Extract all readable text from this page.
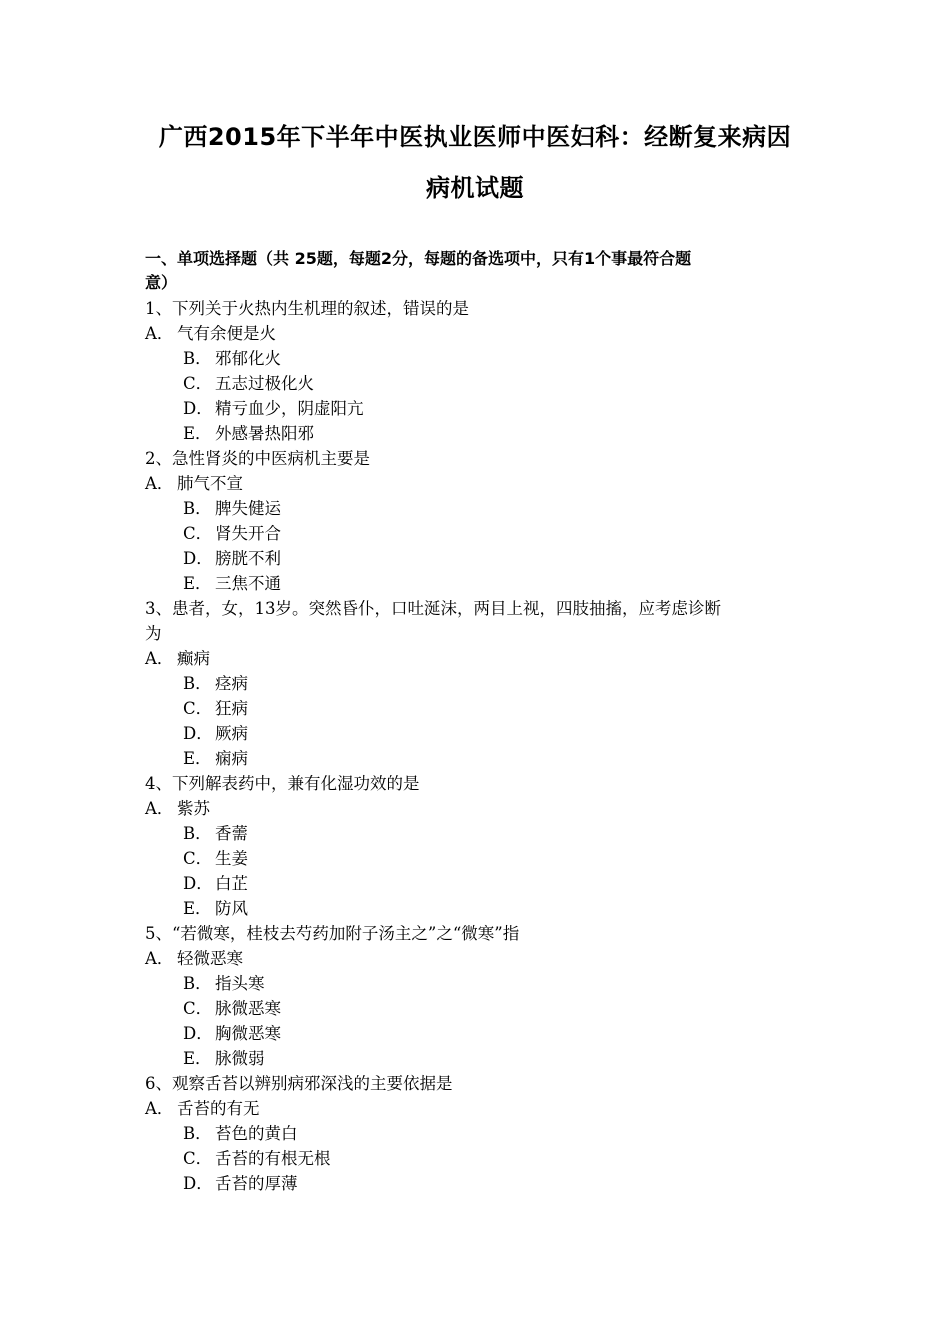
广西2015年下半年中医执业医师中医妇科：经断复来病因
病机试题
一、单项选择题（共 25题，每题2分，每题的备选项中，只有1个事最符合题
意）
1、下列关于火热内生机理的叙述，错误的是
A． 气有余便是火
B． 邪郁化火
C． 五志过极化火
D． 精亏血少，阴虚阳亢
E． 外感暑热阳邪
2、急性肾炎的中医病机主要是
A． 肺气不宣
B． 脾失健运
C． 肾失开合
D． 膀胱不利
E． 三焦不通
3、患者，女，13岁。突然昏仆，口吐涎沫，两目上视，四肢抽搐，应考虑诊断
为
A． 癫病
B． 痉病
C． 狂病
D． 厥病
E． 痫病
4、下列解表药中，兼有化湿功效的是
A． 紫苏
B． 香薷
C． 生姜
D． 白芷
E． 防风
5、“若微寒，桂枝去芍药加附子汤主之”之“微寒”指
A． 轻微恶寒
B． 指头寒
C． 脉微恶寒
D． 胸微恶寒
E． 脉微弱
6、观察舌苔以辨别病邪深浅的主要依据是
A． 舌苔的有无
B． 苔色的黄白
C． 舌苔的有根无根
D． 舌苔的厚薄
